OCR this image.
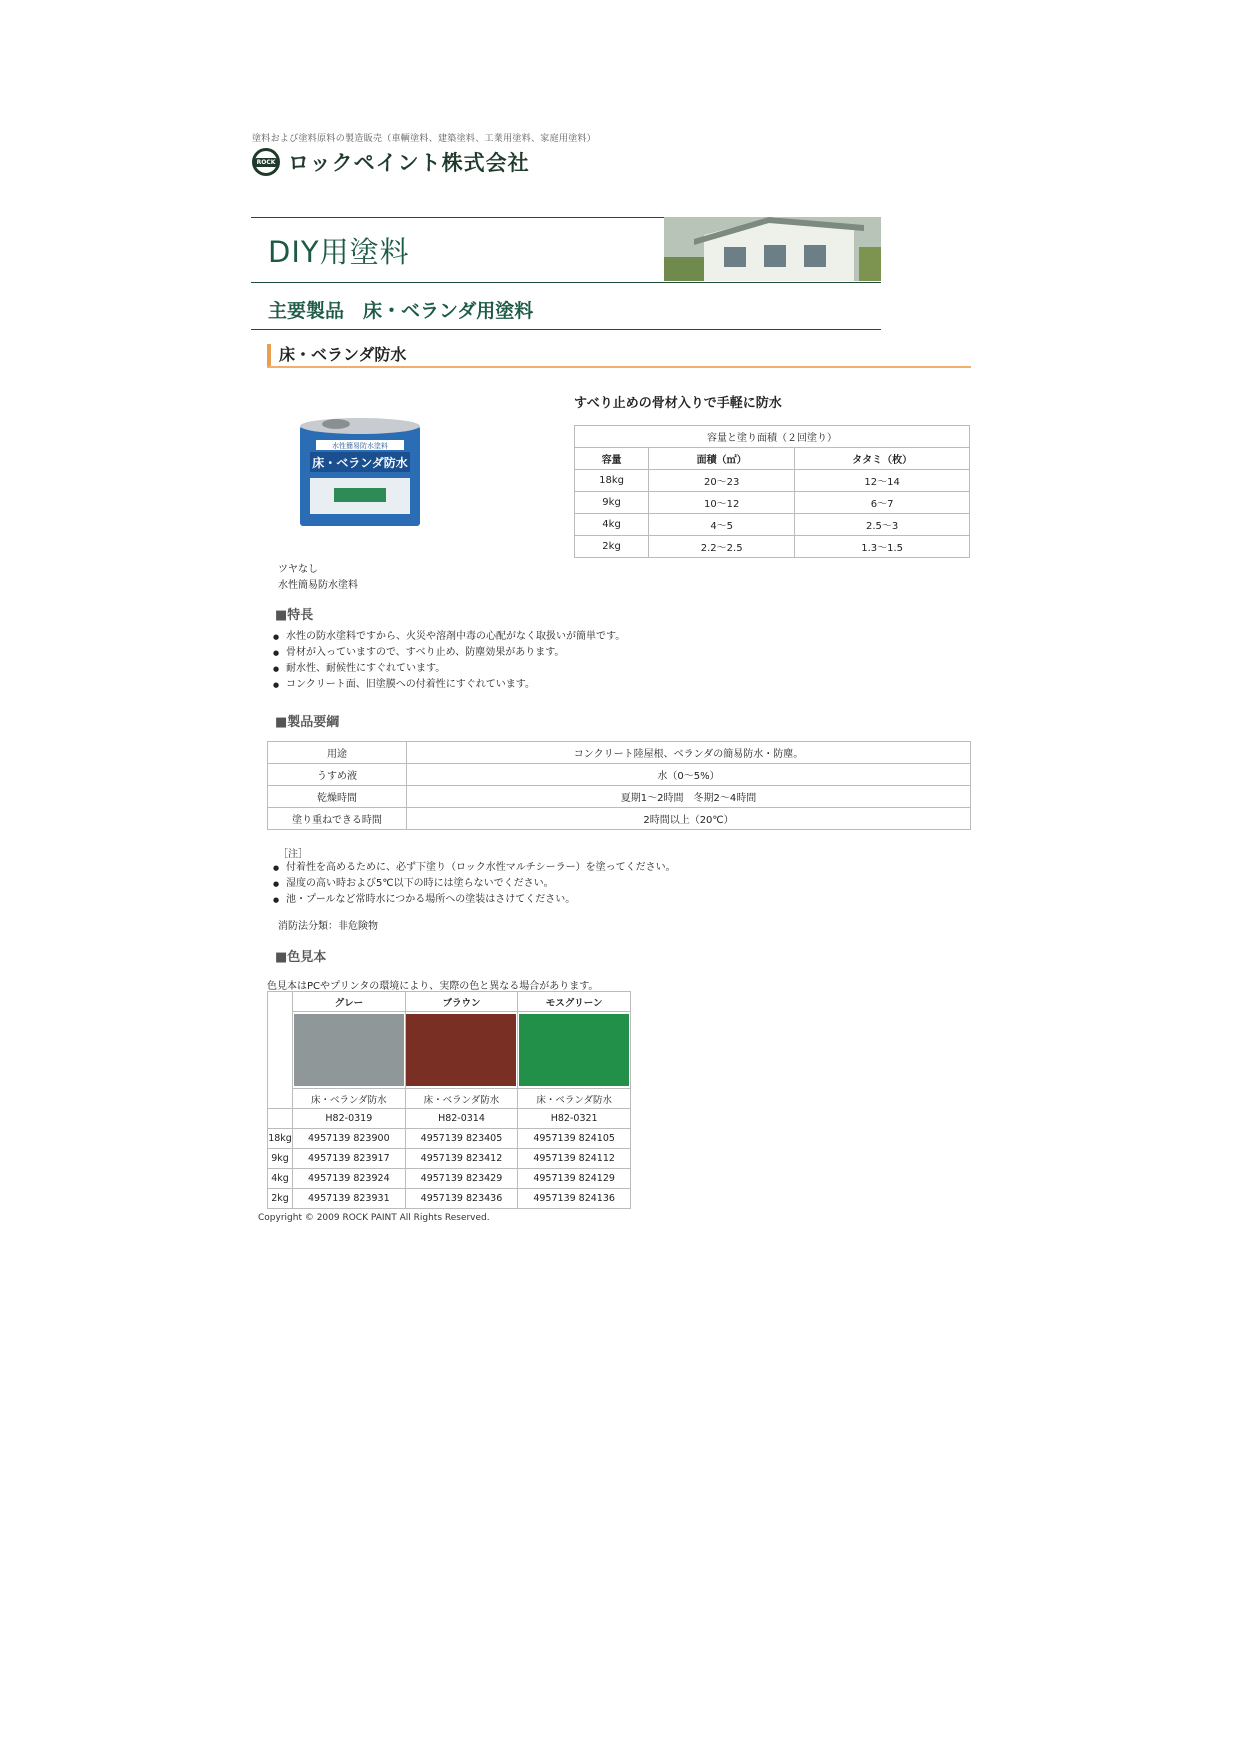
塗料および塗料原料の製造販売（車輌塗料、建築塗料、工業用塗料、家庭用塗料）
ROCK ロックペイント株式会社
DIY用塗料
主要製品　床・ベランダ用塗料
床・ベランダ防水
水性簡易防水塗料
床・ベランダ防水
ツヤなし
水性簡易防水塗料
すべり止めの骨材入りで手軽に防水
容量と塗り面積（２回塗り）		
容量	面積（㎡）	タタミ（枚）
18kg	20〜23	12〜14
9kg	10〜12	6〜7
4kg	4〜5	2.5〜3
2kg	2.2〜2.5	1.3〜1.5
■特長
● 水性の防水塗料ですから、火災や溶剤中毒の心配がなく取扱いが簡単です。
● 骨材が入っていますので、すべり止め、防塵効果があります。
● 耐水性、耐候性にすぐれています。
● コンクリート面、旧塗膜への付着性にすぐれています。
■製品要綱
用途	コンクリート陸屋根、ベランダの簡易防水・防塵。
うすめ液	水（0〜5%）
乾燥時間	夏期1〜2時間　冬期2〜4時間
塗り重ねできる時間	2時間以上（20℃）
［注］
● 付着性を高めるために、必ず下塗り（ロック水性マルチシーラー）を塗ってください。
● 湿度の高い時および5℃以下の時には塗らないでください。
● 池・プールなど常時水につかる場所への塗装はさけてください。
消防法分類：非危険物
■色見本
色見本はPCやプリンタの環境により、実際の色と異なる場合があります。
	グレー	ブラウン	モスグリーン

	床・ベランダ防水	床・ベランダ防水	床・ベランダ防水
	H82-0319	H82-0314	H82-0321
18kg	4957139 823900	4957139 823405	4957139 824105
9kg	4957139 823917	4957139 823412	4957139 824112
4kg	4957139 823924	4957139 823429	4957139 824129
2kg	4957139 823931	4957139 823436	4957139 824136
Copyright © 2009 ROCK PAINT All Rights Reserved.
